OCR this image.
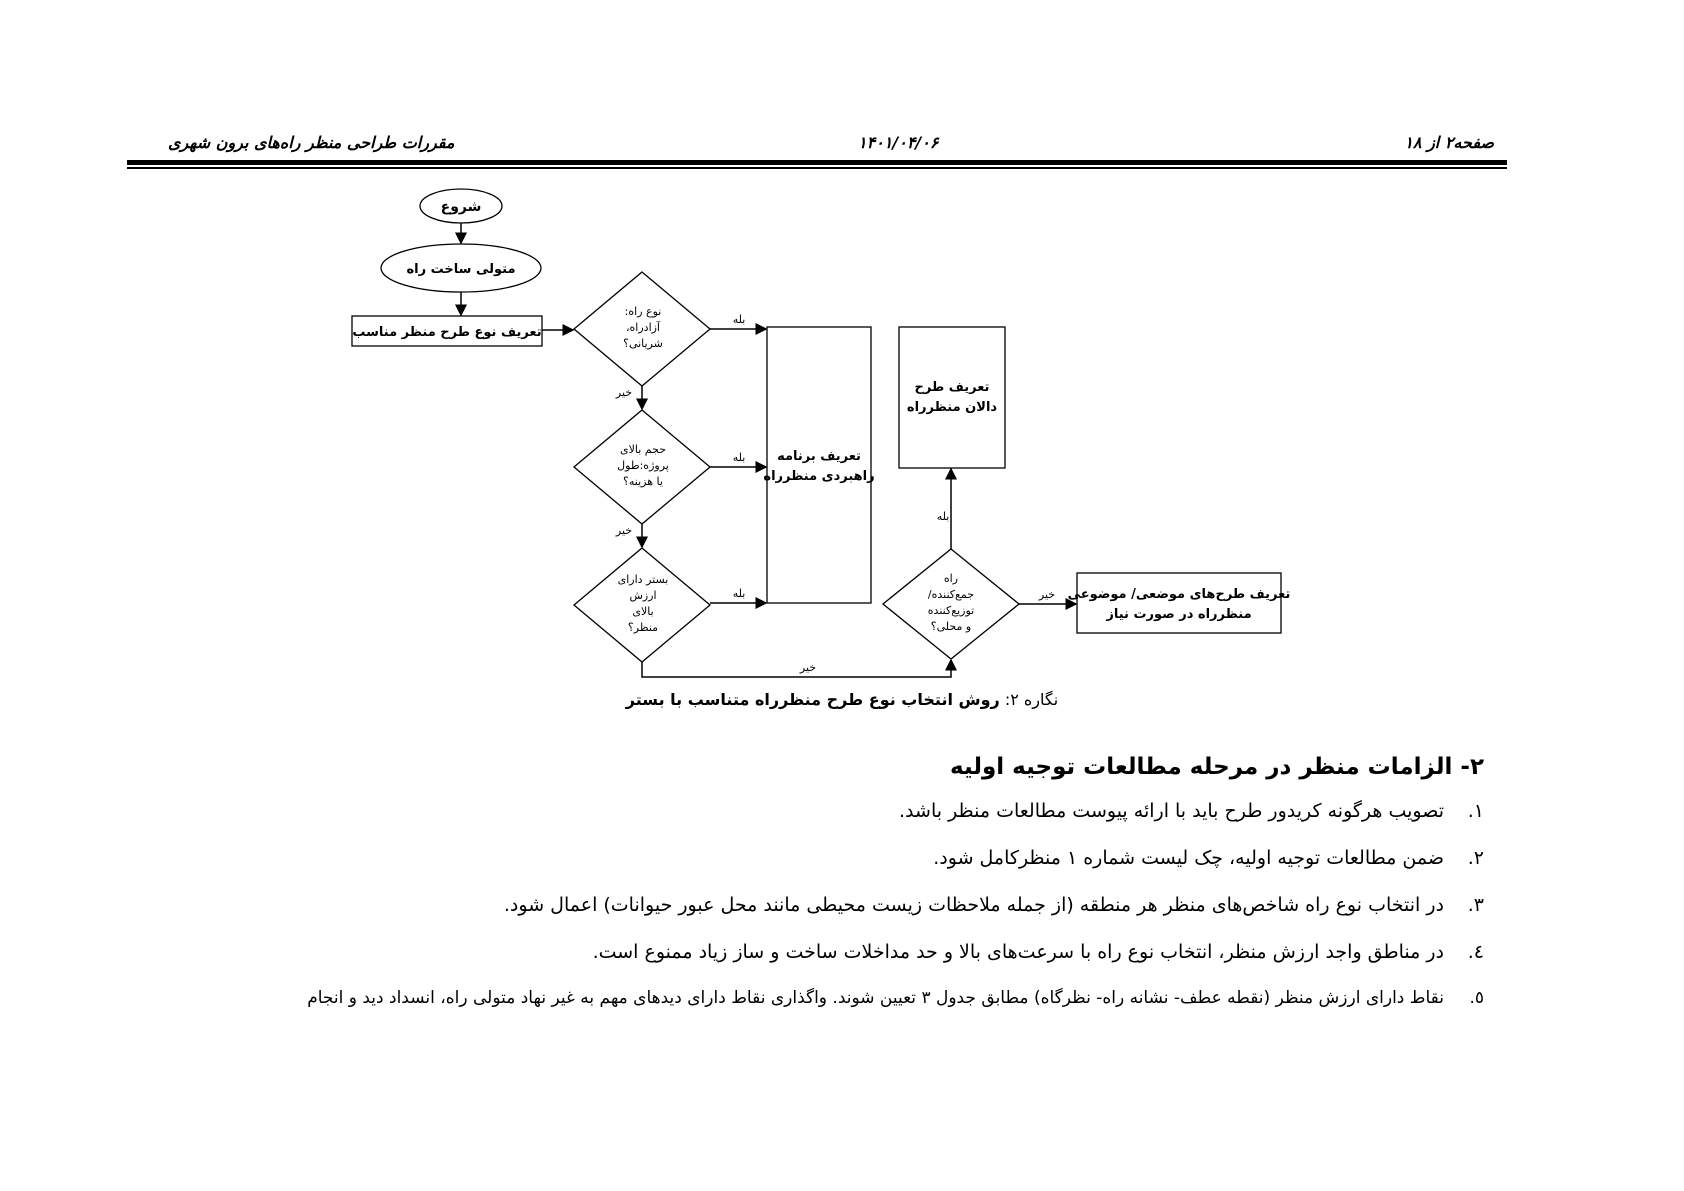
صفحه۲ از ۱۸
۱۴۰۱/۰۴/۰۶
مقررات طراحی منظر راه‌های برون شهری
شروع
متولی ساخت راه
تعریف نوع طرح منظر مناسب
نوع راه:
آزادراه،
شریانی؟
حجم بالای
پروژه:طول
یا هزینه؟
بستر دارای
ارزش
بالای
منظر؟
راه
جمع‌کننده/
توزیع‌کننده
و محلی؟
تعریف برنامه
راهبردی منظرراه
تعریف طرح
دالان منظرراه
تعریف طرح‌های موضعی/ موضوعی
منظرراه در صورت نیاز
بله
بله
بله
بله
خیر
خیر
خیر
خیر
نگاره ۲: روش انتخاب نوع طرح منظرراه متناسب با بستر
۲- الزامات منظر در مرحله مطالعات توجیه اولیه
۱.تصویب هرگونه کریدور طرح باید با ارائه پیوست مطالعات منظر باشد.
۲.ضمن مطالعات توجیه اولیه، چک لیست شماره ۱ منظرکامل شود.
۳.در انتخاب نوع راه شاخص‌های منظر هر منطقه (از جمله ملاحظات زیست محیطی مانند محل عبور حیوانات) اعمال شود.
٤.در مناطق واجد ارزش منظر، انتخاب نوع راه با سرعت‌های بالا و حد مداخلات ساخت و ساز زیاد ممنوع است.
٥.نقاط دارای ارزش منظر (نقطه عطف- نشانه راه- نظرگاه) مطابق جدول ۳ تعیین شوند. واگذاری نقاط دارای دیدهای مهم به غیر نهاد متولی راه، انسداد دید و انجام
